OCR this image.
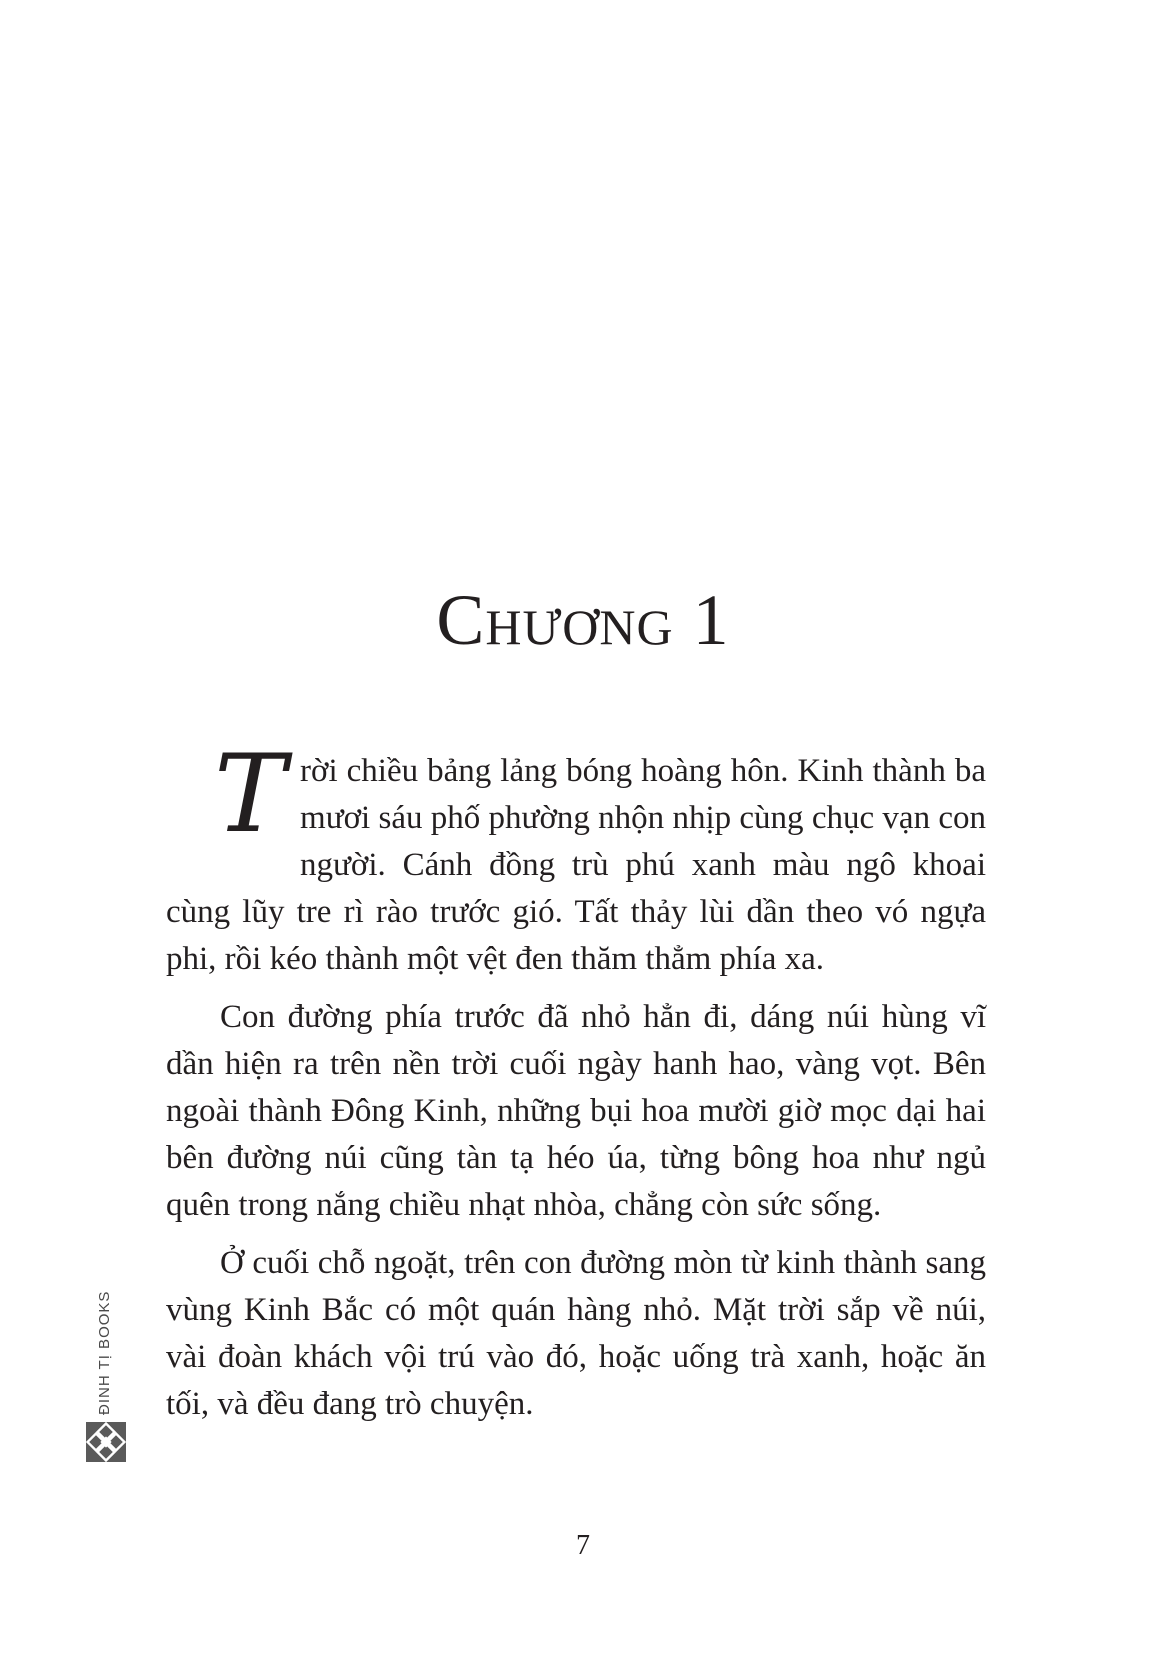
Chương 1

Trời chiều bảng lảng bóng hoàng hôn. Kinh thành ba mươi sáu phố phường nhộn nhịp cùng chục vạn con người. Cánh đồng trù phú xanh màu ngô khoai cùng lũy tre rì rào trước gió. Tất thảy lùi dần theo vó ngựa phi, rồi kéo thành một vệt đen thăm thẳm phía xa.

Con đường phía trước đã nhỏ hẳn đi, dáng núi hùng vĩ dần hiện ra trên nền trời cuối ngày hanh hao, vàng vọt. Bên ngoài thành Đông Kinh, những bụi hoa mười giờ mọc dại hai bên đường núi cũng tàn tạ héo úa, từng bông hoa như ngủ quên trong nắng chiều nhạt nhòa, chẳng còn sức sống.

Ở cuối chỗ ngoặt, trên con đường mòn từ kinh thành sang vùng Kinh Bắc có một quán hàng nhỏ. Mặt trời sắp về núi, vài đoàn khách vội trú vào đó, hoặc uống trà xanh, hoặc ăn tối, và đều đang trò chuyện.

ĐINH TỊ BOOKS
7
